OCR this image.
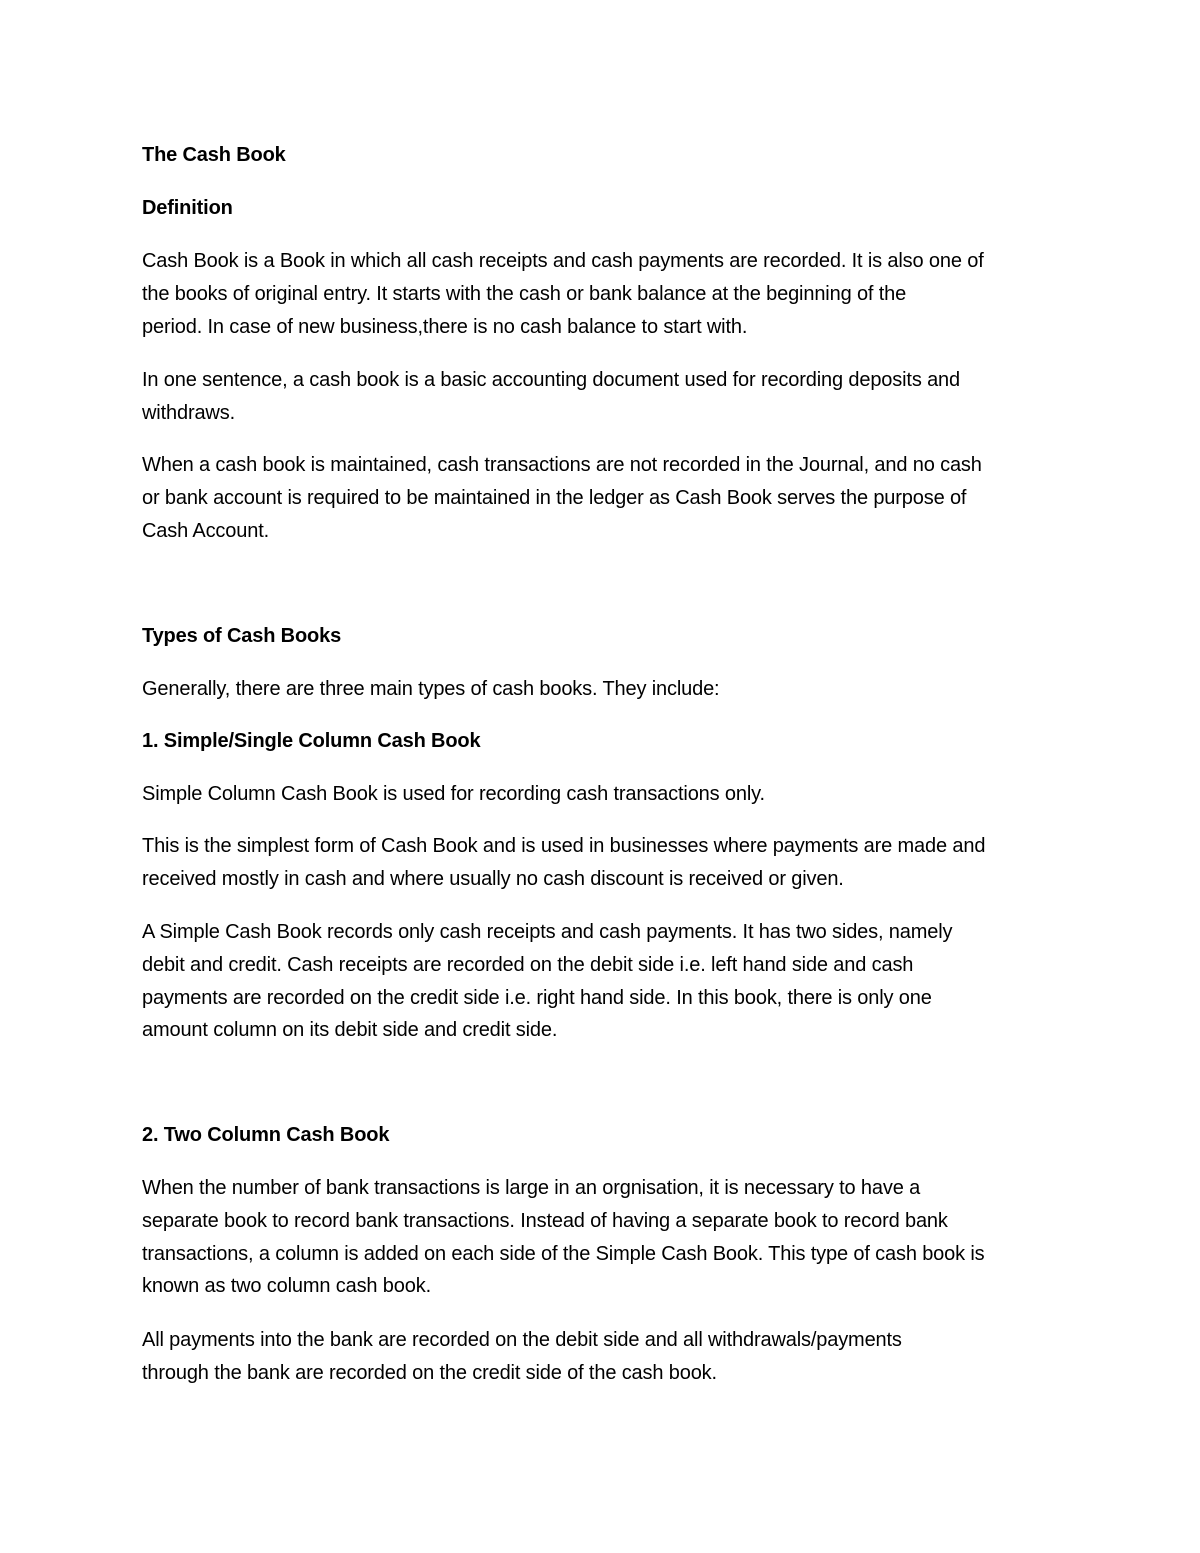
The Cash Book

Definition

Cash Book is a Book in which all cash receipts and cash payments are recorded. It is also one of
the books of original entry. It starts with the cash or bank balance at the beginning of the
period. In case of new business,there is no cash balance to start with.
In one sentence, a cash book is a basic accounting document used for recording deposits and
withdraws.
When a cash book is maintained, cash transactions are not recorded in the Journal, and no cash
or bank account is required to be maintained in the ledger as Cash Book serves the purpose of
Cash Account.

Types of Cash Books

Generally, there are three main types of cash books. They include:

1. Simple/Single Column Cash Book

Simple Column Cash Book is used for recording cash transactions only.

This is the simplest form of Cash Book and is used in businesses where payments are made and
received mostly in cash and where usually no cash discount is received or given.
A Simple Cash Book records only cash receipts and cash payments. It has two sides, namely
debit and credit. Cash receipts are recorded on the debit side i.e. left hand side and cash
payments are recorded on the credit side i.e. right hand side. In this book, there is only one
amount column on its debit side and credit side.

2. Two Column Cash Book

When the number of bank transactions is large in an orgnisation, it is necessary to have a
separate book to record bank transactions. Instead of having a separate book to record bank
transactions, a column is added on each side of the Simple Cash Book. This type of cash book is
known as two column cash book.
All payments into the bank are recorded on the debit side and all withdrawals/payments
through the bank are recorded on the credit side of the cash book.
